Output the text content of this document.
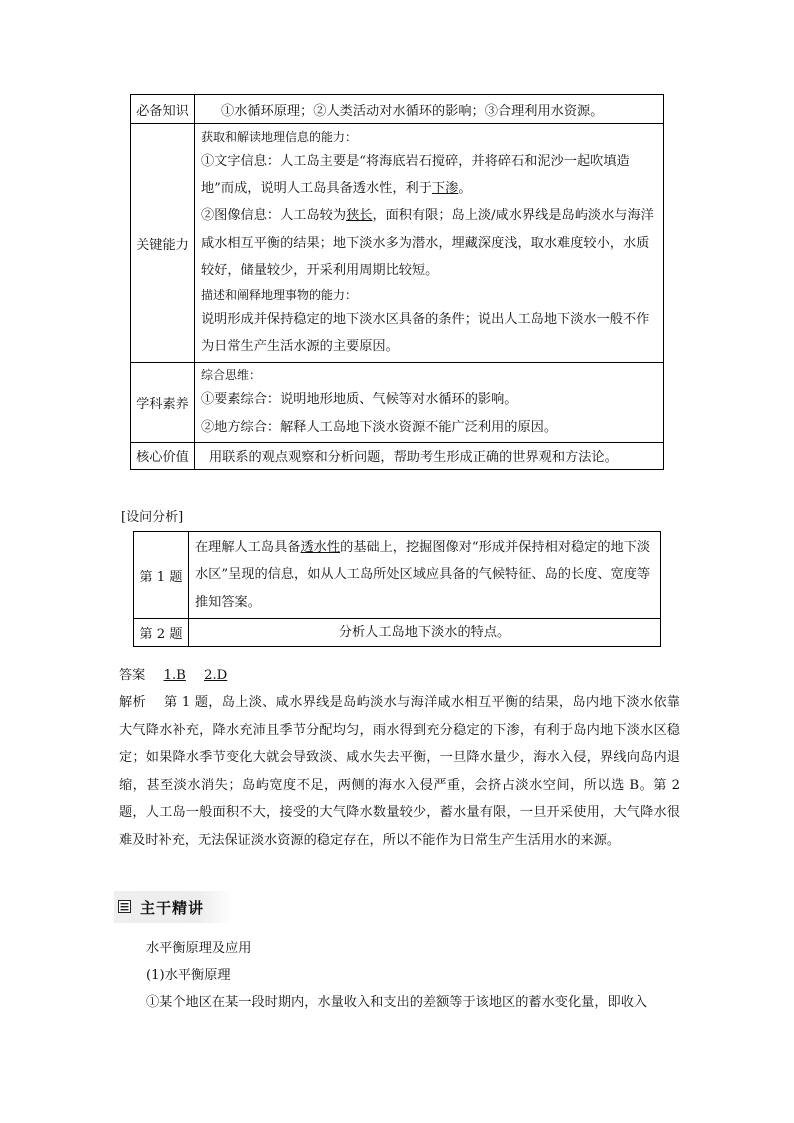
必备知识	①水循环原理；②人类活动对水循环的影响；③合理利用水资源。
关键能力	获取和解读地理信息的能力：
①文字信息：人工岛主要是“将海底岩石搅碎，并将碎石和泥沙一起吹填造地”而成，说明人工岛具备透水性，利于下渗。
②图像信息：人工岛较为狭长，面积有限；岛上淡/咸水界线是岛屿淡水与海洋咸水相互平衡的结果；地下淡水多为潜水，埋藏深度浅，取水难度较小，水质较好，储量较少，开采利用周期比较短。
描述和阐释地理事物的能力：
说明形成并保持稳定的地下淡水区具备的条件；说出人工岛地下淡水一般不作为日常生产生活水源的主要原因。

学科素养	综合思维：
①要素综合：说明地形地质、气候等对水循环的影响。
②地方综合：解释人工岛地下淡水资源不能广泛利用的原因。

核心价值	用联系的观点观察和分析问题，帮助考生形成正确的世界观和方法论。
[设问分析]
第 1 题	在理解人工岛具备透水性的基础上，挖掘图像对“形成并保持相对稳定的地下淡水区”呈现的信息，如从人工岛所处区域应具备的气候特征、岛的长度、宽度等推知答案。
第 2 题	分析人工岛地下淡水的特点。
答案 1.B 2.D
解析 第 1 题，岛上淡、咸水界线是岛屿淡水与海洋咸水相互平衡的结果，岛内地下淡水依靠大气降水补充，降水充沛且季节分配均匀，雨水得到充分稳定的下渗，有利于岛内地下淡水区稳定；如果降水季节变化大就会导致淡、咸水失去平衡，一旦降水量少，海水入侵，界线向岛内退缩，甚至淡水消失；岛屿宽度不足，两侧的海水入侵严重，会挤占淡水空间，所以选 B。第 2 题，人工岛一般面积不大，接受的大气降水数量较少，蓄水量有限，一旦开采使用，大气降水很难及时补充，无法保证淡水资源的稳定存在，所以不能作为日常生产生活用水的来源。
主干精讲
水平衡原理及应用
(1)水平衡原理
①某个地区在某一段时期内，水量收入和支出的差额等于该地区的蓄水变化量，即收入
